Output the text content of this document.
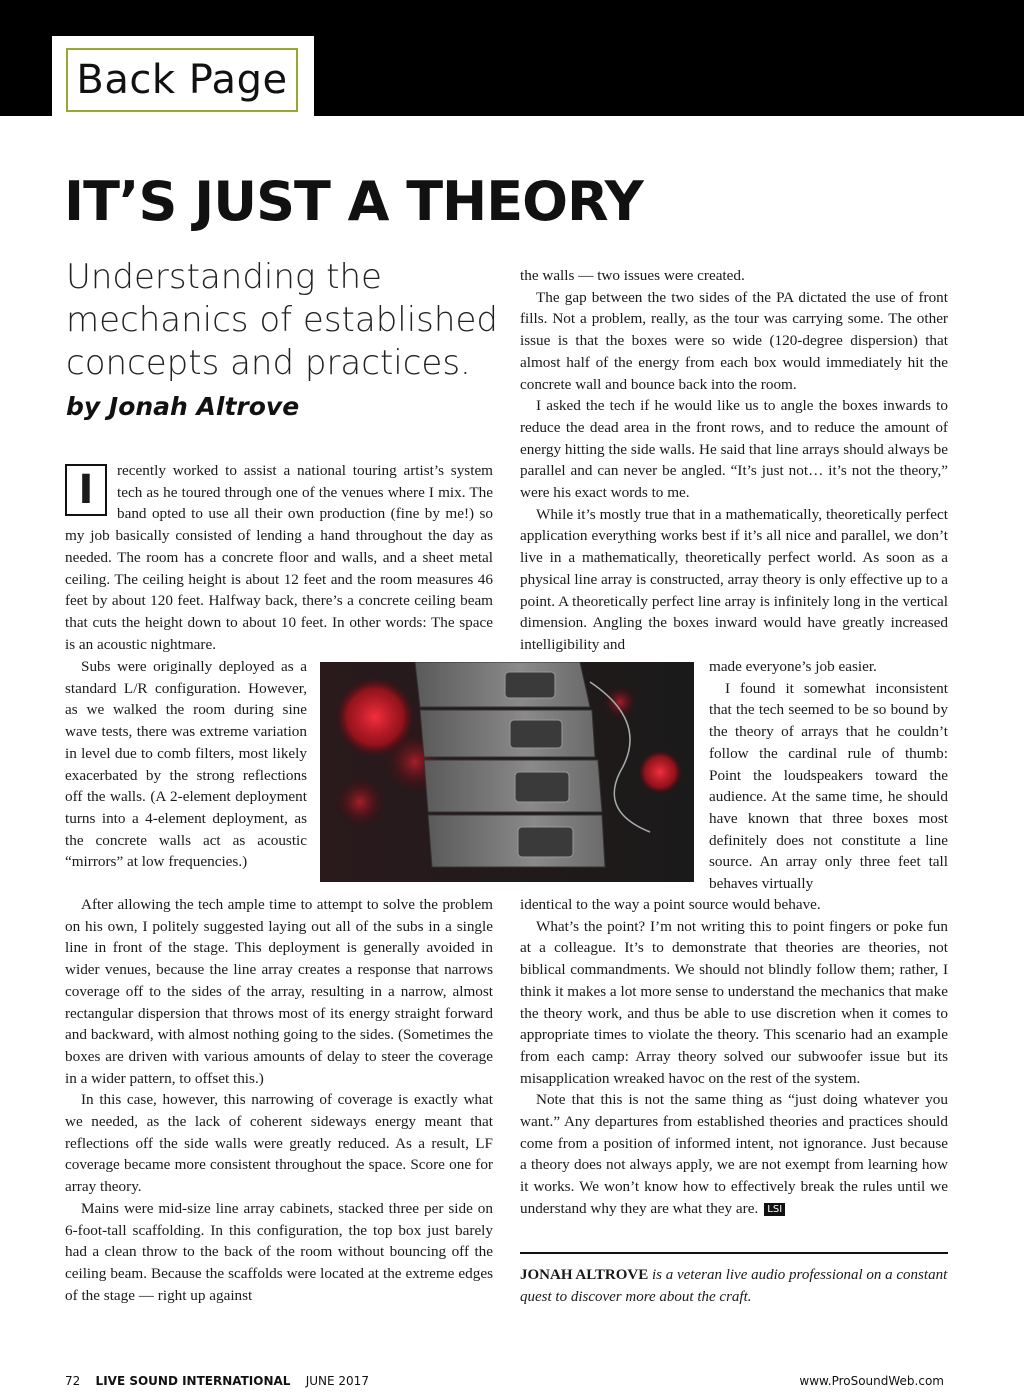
Back Page
IT’S JUST A THEORY
Understanding the mechanics of established concepts and practices.
by Jonah Altrove
I	recently worked to assist a national touring artist’s system tech as he toured through one of the venues where I mix. The band opted to use all their own production (fine by me!) so my job basically consisted of lending a hand throughout the day as needed. The room has a concrete floor and walls, and a sheet metal ceiling. The ceiling height is about 12 feet and the room measures 46 feet by about 120 feet. Halfway back, there’s a concrete ceiling beam that cuts the height down to about 10 feet. In other words: The space is an acoustic nightmare.

Subs were originally deployed as a standard L/R configuration. However, as we walked the room during sine wave tests, there was extreme variation in level due to comb filters, most likely exacerbated by the strong reflections off the walls. (A 2-element deployment turns into a 4-element deployment, as the concrete walls act as acoustic “mirrors” at low frequencies.)

After allowing the tech ample time to attempt to solve the problem on his own, I politely suggested laying out all of the subs in a single line in front of the stage. This deployment is generally avoided in wider venues, because the line array creates a response that narrows coverage off to the sides of the array, resulting in a narrow, almost rectangular dispersion that throws most of its energy straight forward and backward, with almost nothing going to the sides. (Sometimes the boxes are driven with various amounts of delay to steer the coverage in a wider pattern, to offset this.)

In this case, however, this narrowing of coverage is exactly what we needed, as the lack of coherent sideways energy meant that reflections off the side walls were greatly reduced. As a result, LF coverage became more consistent throughout the space. Score one for array theory.

Mains were mid-size line array cabinets, stacked three per side on 6-foot-tall scaffolding. In this configuration, the top box just barely had a clean throw to the back of the room without bouncing off the ceiling beam. Because the scaffolds were located at the extreme edges of the stage — right up against

the walls — two issues were created.

The gap between the two sides of the PA dictated the use of front fills. Not a problem, really, as the tour was carrying some. The other issue is that the boxes were so wide (120-degree dispersion) that almost half of the energy from each box would immediately hit the concrete wall and bounce back into the room.

I asked the tech if he would like us to angle the boxes inwards to reduce the dead area in the front rows, and to reduce the amount of energy hitting the side walls. He said that line arrays should always be parallel and can never be angled. “It’s just not… it’s not the theory,” were his exact words to me.

While it’s mostly true that in a mathematically, theoretically perfect application everything works best if it’s all nice and parallel, we don’t live in a mathematically, theoretically perfect world. As soon as a physical line array is constructed, array theory is only effective up to a point. A theoretically perfect line array is infinitely long in the vertical dimension. Angling the boxes inward would have greatly increased intelligibility and

made everyone’s job easier.

I found it somewhat inconsistent that the tech seemed to be so bound by the theory of arrays that he couldn’t follow the cardinal rule of thumb: Point the loudspeakers toward the audience. At the same time, he should have known that three boxes most definitely does not constitute a line source. An array only three feet tall behaves virtually

identical to the way a point source would behave.

What’s the point? I’m not writing this to point fingers or poke fun at a colleague. It’s to demonstrate that theories are theories, not biblical commandments. We should not blindly follow them; rather, I think it makes a lot more sense to understand the mechanics that make the theory work, and thus be able to use discretion when it comes to appropriate times to violate the theory. This scenario had an example from each camp: Array theory solved our subwoofer issue but its misapplication wreaked havoc on the rest of the system.

Note that this is not the same thing as “just doing whatever you want.” Any departures from established theories and practices should come from a position of informed intent, not ignorance. Just because a theory does not always apply, we are not exempt from learning how it works. We won’t know how to effectively break the rules until we understand why they are what they are. LSI

JONAH ALTROVE is a veteran live audio professional on a constant quest to discover more about the craft.
72 LIVE SOUND INTERNATIONAL JUNE 2017	www.ProSoundWeb.com
